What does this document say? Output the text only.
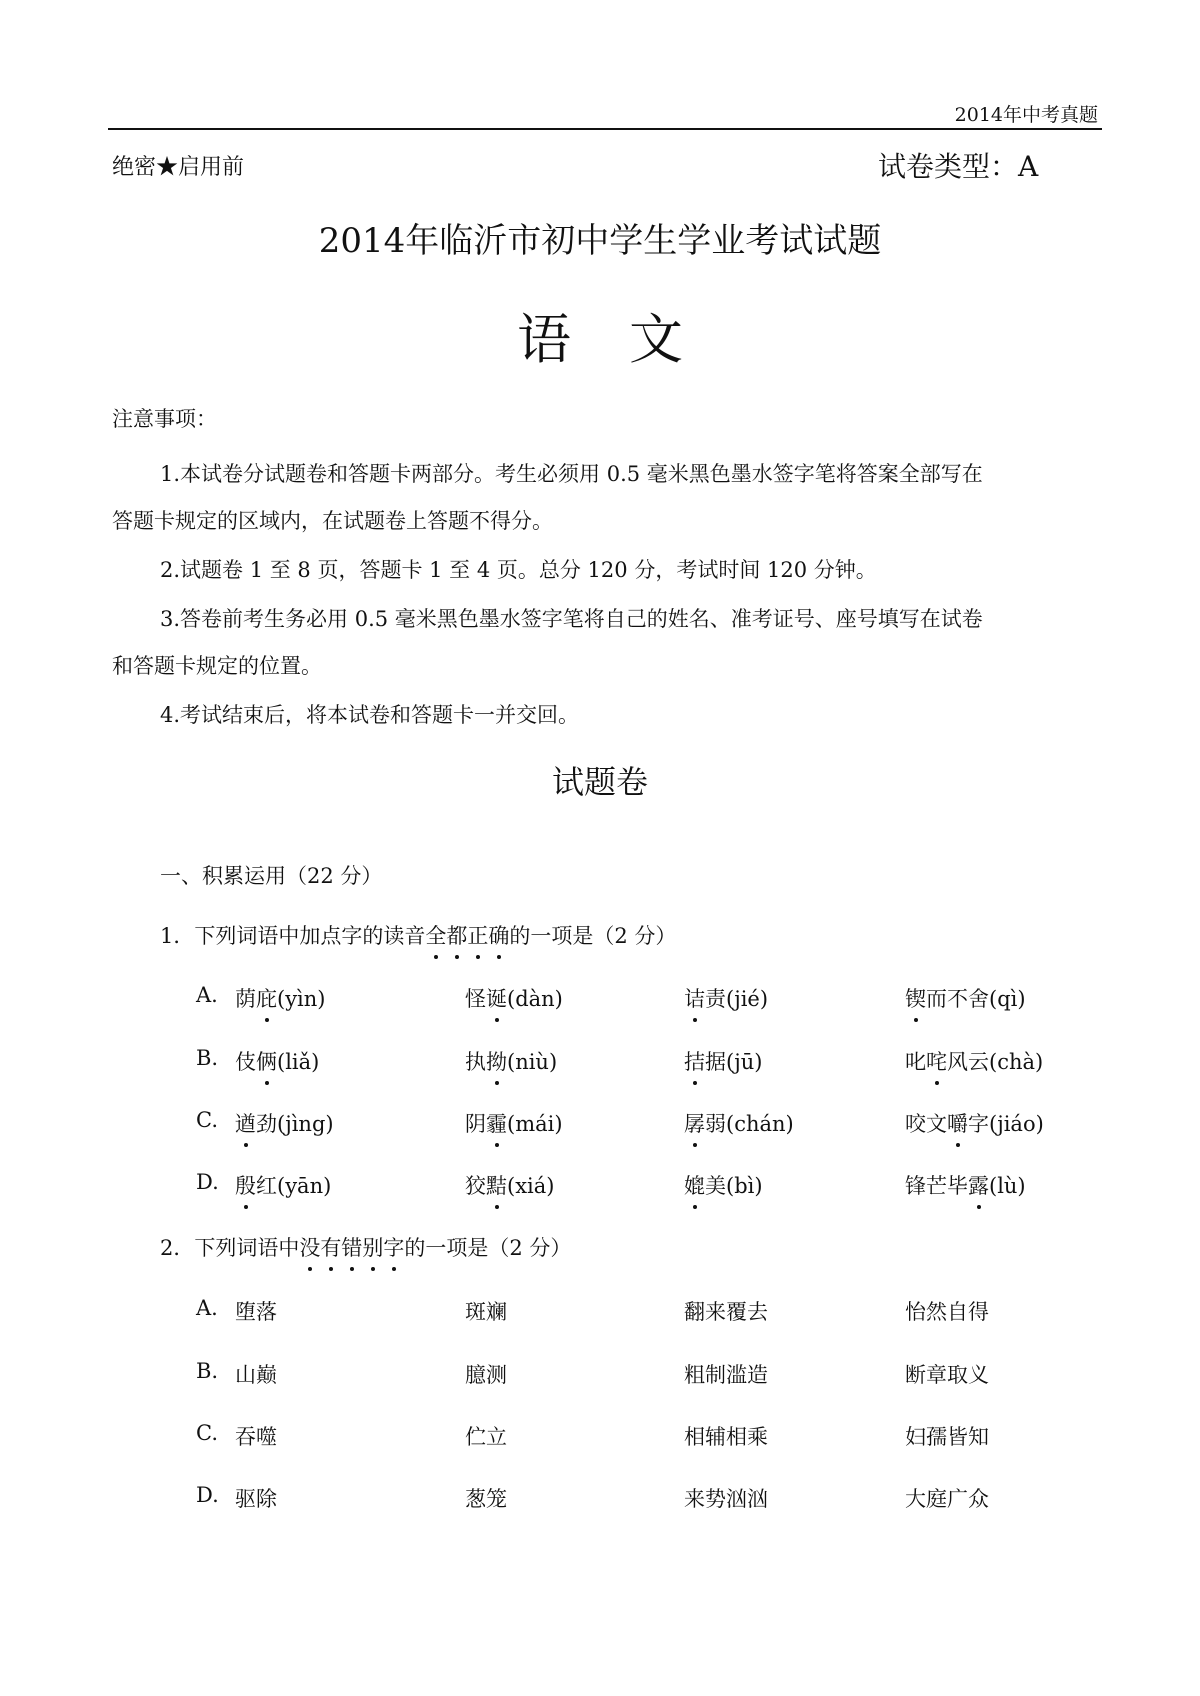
2014年中考真题
绝密★启用前	试卷类型：A
2014年临沂市初中学生学业考试试题
语文
注意事项：
1.本试卷分试题卷和答题卡两部分。考生必须用 0.5 毫米黑色墨水签字笔将答案全部写在
答题卡规定的区域内，在试题卷上答题不得分。
2.试题卷 1 至 8 页，答题卡 1 至 4 页。总分 120 分，考试时间 120 分钟。
3.答卷前考生务必用 0.5 毫米黑色墨水签字笔将自己的姓名、准考证号、座号填写在试卷
和答题卡规定的位置。
4.考试结束后，将本试卷和答题卡一并交回。
试题卷
一、积累运用（22 分）
1．下列词语中加点字的读音全都正确的一项是（2 分）
A. 荫庇(yìn)	怪诞(dàn)	诘责(jié)	锲而不舍(qì)
B. 伎俩(liǎ)	执拗(niù)	拮据(jū)	叱咤风云(chà)
C. 遒劲(jìng)	阴霾(mái)	孱弱(chán)	咬文嚼字(jiáo)
D. 殷红(yān)	狡黠(xiá)	媲美(bì)	锋芒毕露(lù)
2．下列词语中没有错别字的一项是（2 分）
A. 堕落	斑斓	翻来覆去	怡然自得
B. 山巅	臆测	粗制滥造	断章取义
C. 吞噬	伫立	相辅相乘	妇孺皆知
D. 驱除	葱笼	来势汹汹	大庭广众
